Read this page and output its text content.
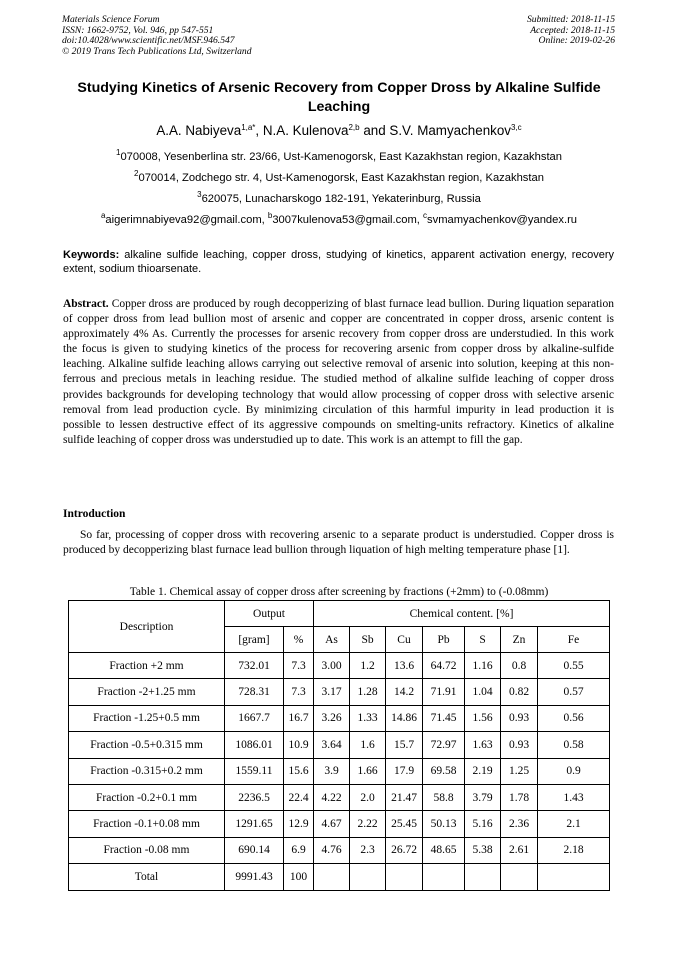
Materials Science Forum
ISSN: 1662-9752, Vol. 946, pp 547-551
doi:10.4028/www.scientific.net/MSF.946.547
© 2019 Trans Tech Publications Ltd, Switzerland
Submitted: 2018-11-15
Accepted: 2018-11-15
Online: 2019-02-26
Studying Kinetics of Arsenic Recovery from Copper Dross by Alkaline Sulfide Leaching
A.A. Nabiyeva$^{1,a*}$, N.A. Kulenova$^{2,b}$ and S.V. Mamyachenkov$^{3,c}$
$^1$070008, Yesenberlina str. 23/66, Ust-Kamenogorsk, East Kazakhstan region, Kazakhstan
$^2$070014, Zodchego str. 4, Ust-Kamenogorsk, East Kazakhstan region, Kazakhstan
$^3$620075, Lunacharskogo 182-191, Yekaterinburg, Russia
$^a$aigerimnabiyeva92@gmail.com, $^b$3007kulenova53@gmail.com, $^c$svmamyachenkov@yandex.ru
Keywords: alkaline sulfide leaching, copper dross, studying of kinetics, apparent activation energy, recovery extent, sodium thioarsenate.
Abstract. Copper dross are produced by rough decopperizing of blast furnace lead bullion. During liquation separation of copper dross from lead bullion most of arsenic and copper are concentrated in copper dross, arsenic content is approximately 4% As. Currently the processes for arsenic recovery from copper dross are understudied. In this work the focus is given to studying kinetics of the process for recovering arsenic from copper dross by alkaline-sulfide leaching. Alkaline sulfide leaching allows carrying out selective removal of arsenic into solution, keeping at this non-ferrous and precious metals in leaching residue. The studied method of alkaline sulfide leaching of copper dross provides backgrounds for developing technology that would allow processing of copper dross with selective arsenic removal from lead production cycle. By minimizing circulation of this harmful impurity in lead production it is possible to lessen destructive effect of its aggressive compounds on smelting-units refractory. Kinetics of alkaline sulfide leaching of copper dross was understudied up to date. This work is an attempt to fill the gap.
Introduction
So far, processing of copper dross with recovering arsenic to a separate product is understudied. Copper dross is produced by decopperizing blast furnace lead bullion through liquation of high melting temperature phase [1].
Table 1. Chemical assay of copper dross after screening by fractions (+2mm) to (-0.08mm)
Description	Output		Chemical content. [%]						
	[gram]	%	As	Sb	Cu	Pb	S	Zn	Fe
Fraction +2 mm	732.01	7.3	3.00	1.2	13.6	64.72	1.16	0.8	0.55
Fraction -2+1.25 mm	728.31	7.3	3.17	1.28	14.2	71.91	1.04	0.82	0.57
Fraction -1.25+0.5 mm	1667.7	16.7	3.26	1.33	14.86	71.45	1.56	0.93	0.56
Fraction -0.5+0.315 mm	1086.01	10.9	3.64	1.6	15.7	72.97	1.63	0.93	0.58
Fraction -0.315+0.2 mm	1559.11	15.6	3.9	1.66	17.9	69.58	2.19	1.25	0.9
Fraction -0.2+0.1 mm	2236.5	22.4	4.22	2.0	21.47	58.8	3.79	1.78	1.43
Fraction -0.1+0.08 mm	1291.65	12.9	4.67	2.22	25.45	50.13	5.16	2.36	2.1
Fraction -0.08 mm	690.14	6.9	4.76	2.3	26.72	48.65	5.38	2.61	2.18
Total	9991.43	100							
